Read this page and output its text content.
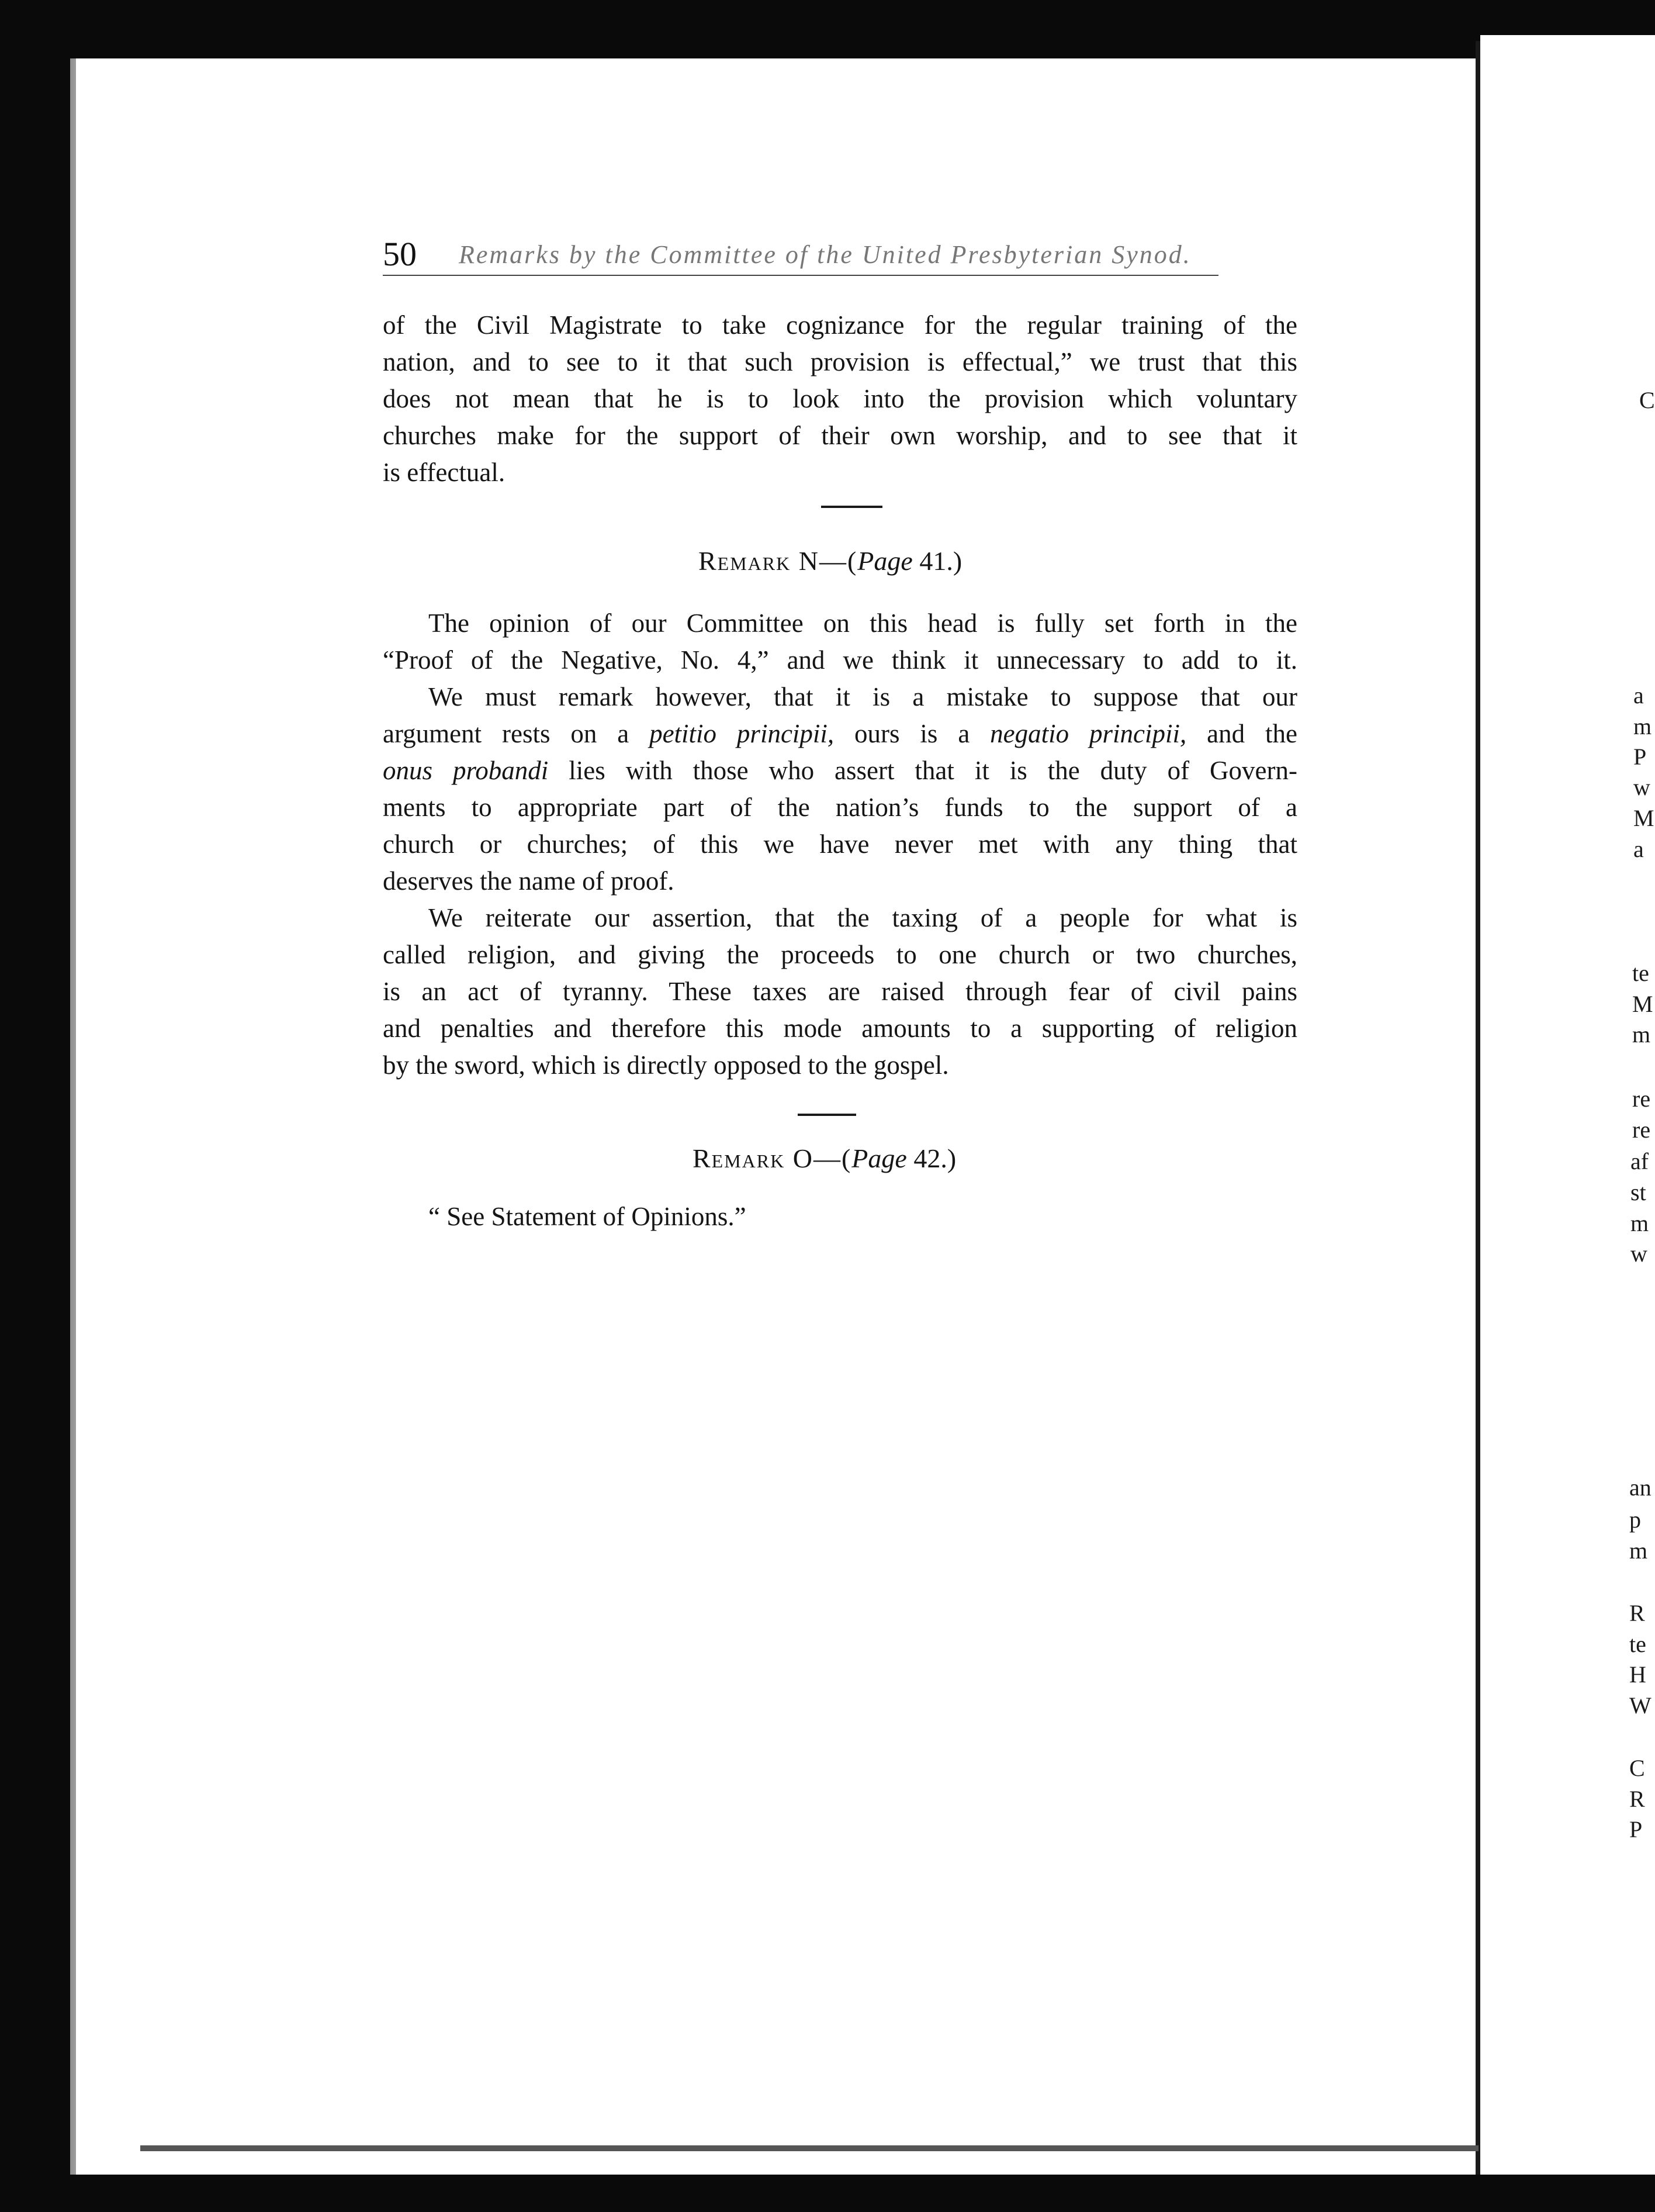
50 Remarks by the Committee of the United Presbyterian Synod.
of the Civil Magistrate to take cognizance for the regular training of the
nation, and to see to it that such provision is effectual,” we trust that this
does not mean that he is to look into the provision which voluntary
churches make for the support of their own worship, and to see that it
is effectual.
Remark N—(Page 41.)
The opinion of our Committee on this head is fully set forth in the
“Proof of the Negative, No. 4,” and we think it unnecessary to add to it.
We must remark however, that it is a mistake to suppose that our
argument rests on a petitio principii, ours is a negatio principii, and the
onus probandi lies with those who assert that it is the duty of Govern-
ments to appropriate part of the nation’s funds to the support of a
church or churches; of this we have never met with any thing that
deserves the name of proof.
We reiterate our assertion, that the taxing of a people for what is
called religion, and giving the proceeds to one church or two churches,
is an act of tyranny. These taxes are raised through fear of civil pains
and penalties and therefore this mode amounts to a supporting of religion
by the sword, which is directly opposed to the gospel.
Remark O—(Page 42.)
“ See Statement of Opinions.”
C
a
m
P
w
M
a
te
M
m
re
re
af
st
m
w
an
p
m
R
te
H
W
C
R
P
